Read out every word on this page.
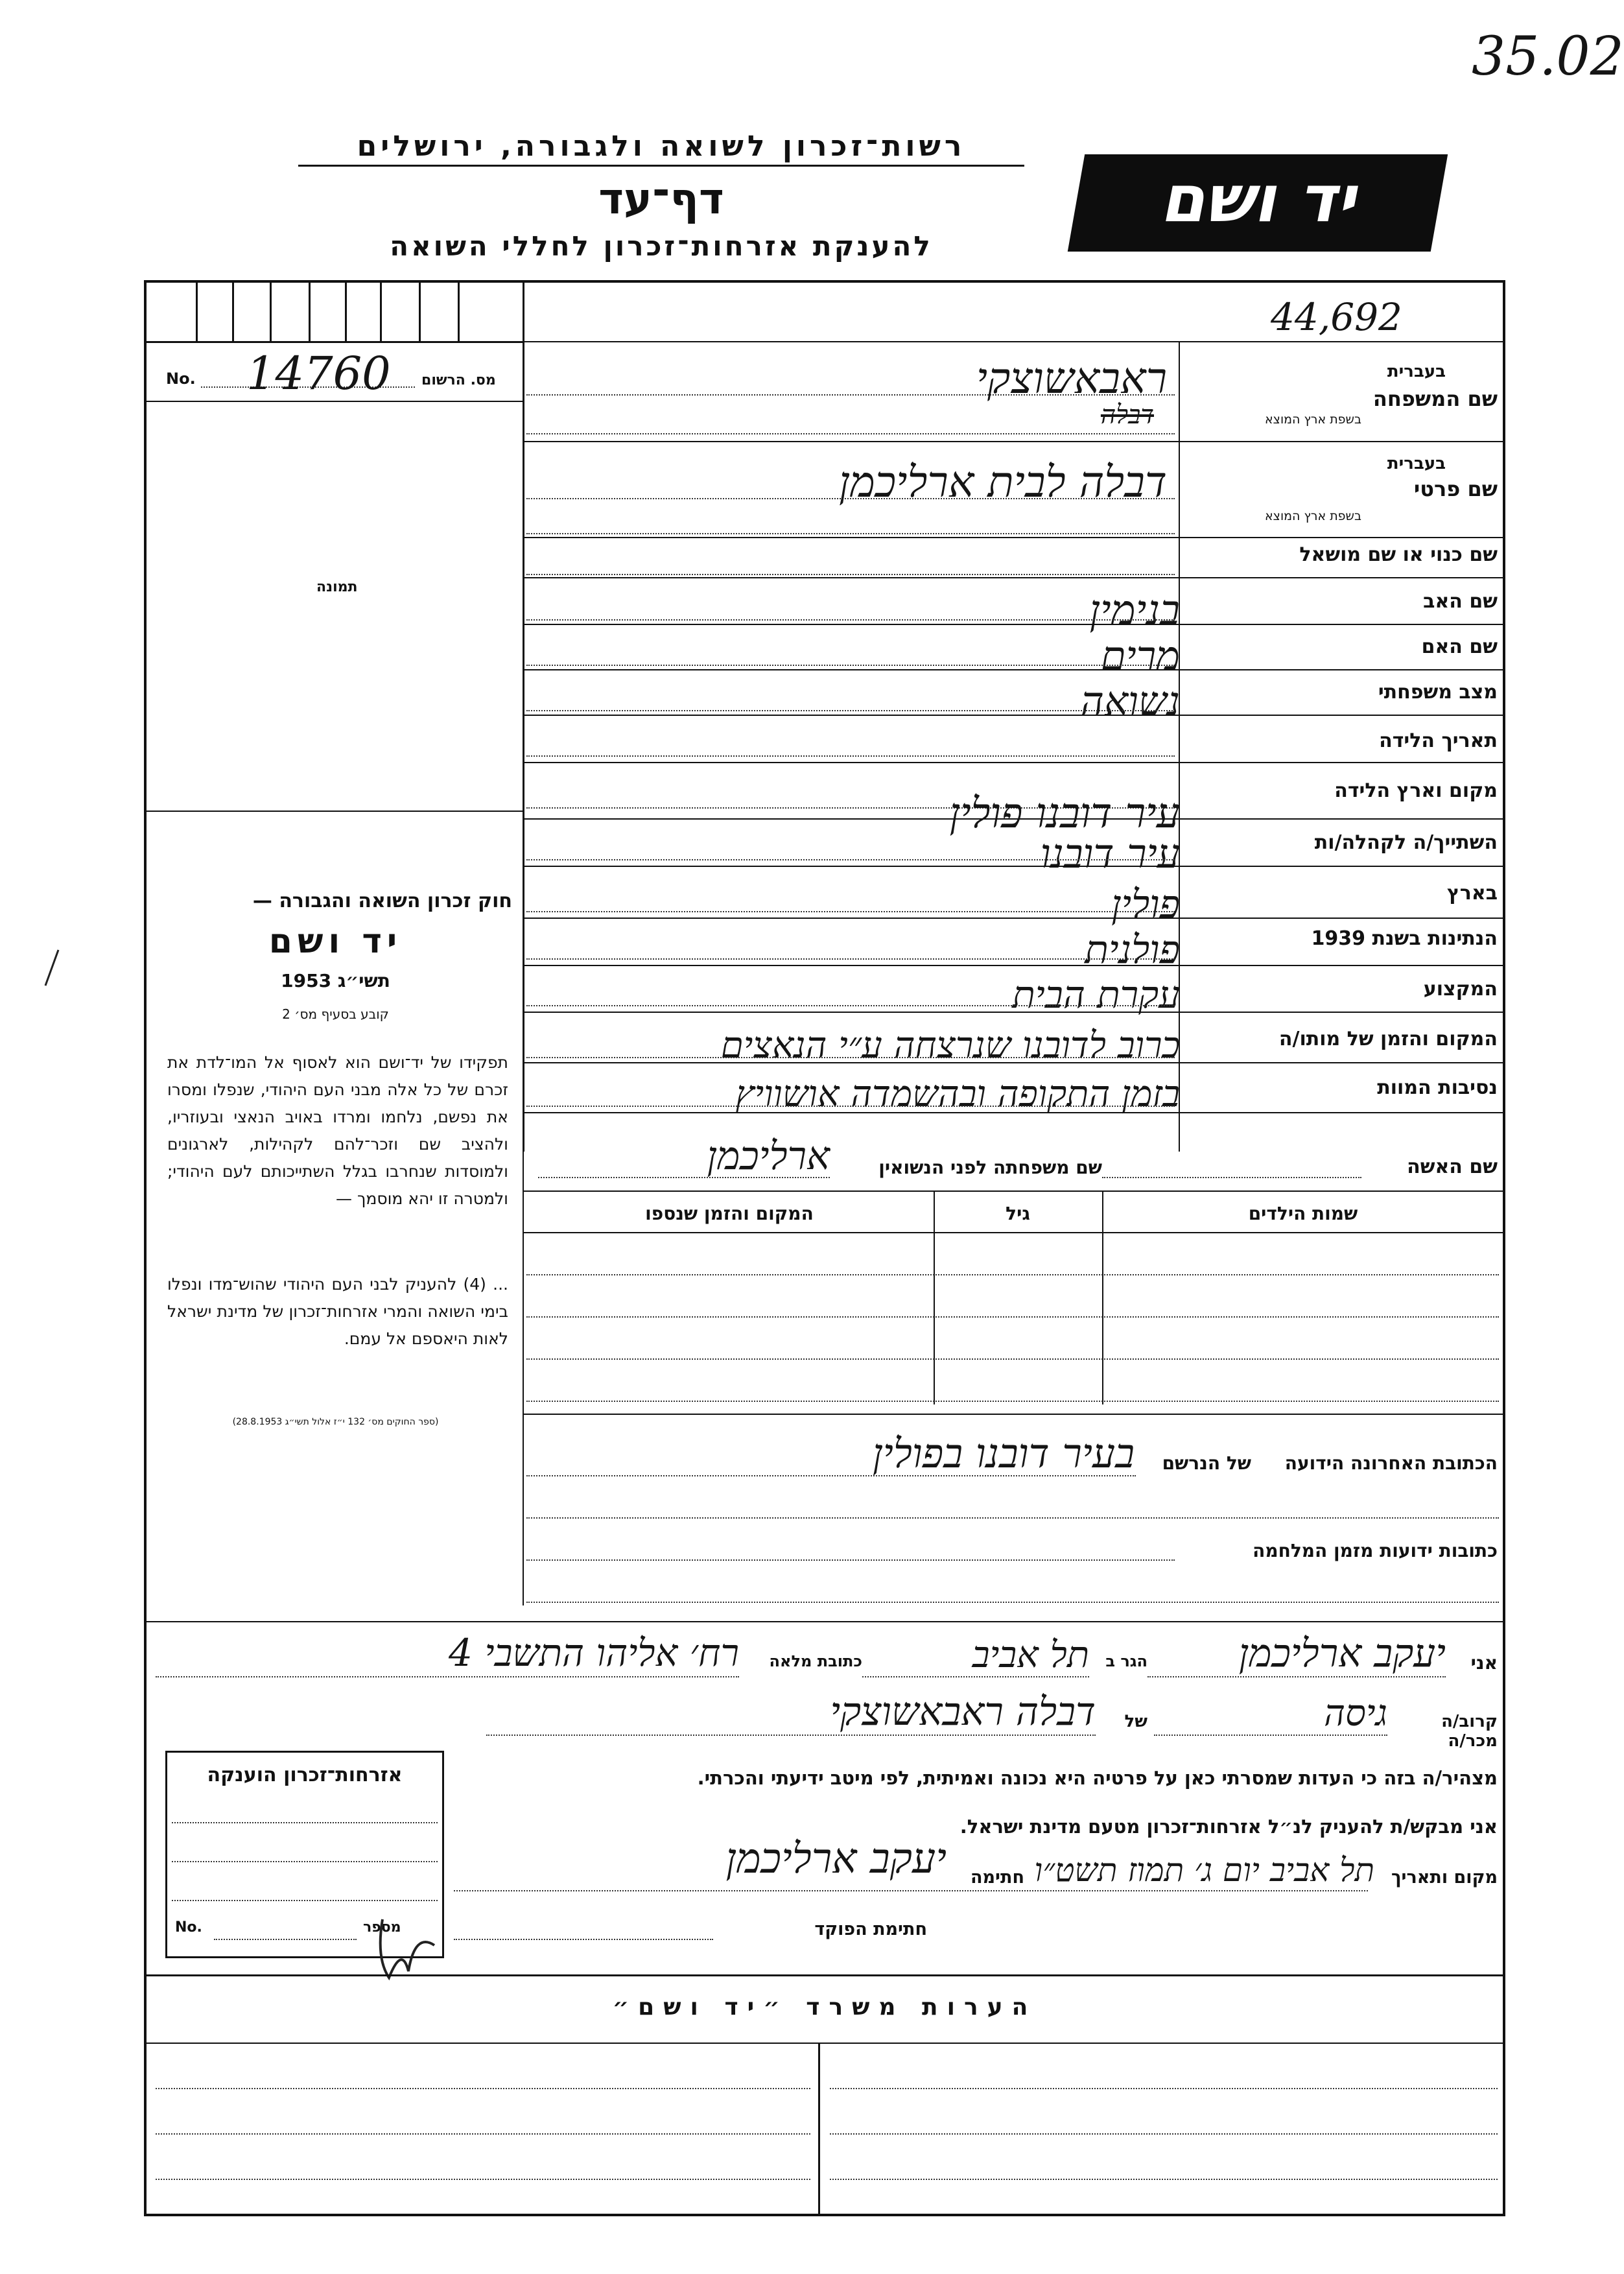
35.02
רשות־זכרון לשואה ולגבורה, ירושלים
דף־עד
להענקת אזרחות־זכרון לחללי השואה
יד ושם
44,692
No. 14760 מס. הרשום
תמונה
חוק זכרון השואה והגבורה —
יד ושם
תשי״ג 1953
קובע בסעיף מס׳ 2
תפקידו של יד־ושם הוא לאסוף אל המו־לדת את זכרם של כל אלה מבני העם היהודי, שנפלו ומסרו את נפשם, נלחמו ומרדו באויב הנאצי ובעוזריו, ולהציב שם וזכר־להם לקהילות, לארגונים ולמוסדות שנחרבו בגלל השתייכותם לעם היהודי; ולמטרה זו יהא מוסמך —
... (4) להעניק לבני העם היהודי שהוש־מדו ונפלו בימי השואה והמרי אזרחות־זכרון של מדינת ישראל לאות היאספם אל עמם.
(ספר החוקים מס׳ 132 י״ז אלול תשי״ג 28.8.1953)
בעברית
שם המשפחה
בשפת ארץ המוצא
ראבאשוצקי
דבלה
בעברית
שם פרטי
בשפת ארץ המוצא
דבלה לבית ארליכמן
שם כנוי או שם מושאל
שם האב
בנימין
שם האם
מרים
מצב משפחתי
נשואה
תאריך הלידה
מקום וארץ הלידה
עיר דובנו פולין
השתייך/ה לקהלה/ות
עיר דובנו
בארץ
פולין
הנתינות בשנת 1939
פולנית
המקצוע
עקרת הבית
המקום והזמן של מותו/ה
כרוב לדובנו שנרצחה ע״י הנאצים
נסיבות המוות
בזמן התקופה ובהשמדה אושוויץ
שם האשה
שם משפחתה לפני הנשואין
ארליכמן
שמות הילדים
גיל
המקום והזמן שנספו
הכתובת האחרונה הידועה
של הנרשם
בעיר דובנו בפולין
כתובות ידועות מזמן המלחמה
אני
יעקב ארליכמן
הגר ב
תל אביב
כתובת מלאה
רח׳ אליהו התשבי 4
קרוב/ה מכר/ה
גיסה
של
דבלה ראבאשוצקי
מצהיר/ה בזה כי העדות שמסרתי כאן על פרטיה היא נכונה ואמיתית, לפי מיטב ידיעתי והכרתי.
אני מבקש/ת להעניק לנ״ל אזרחות־זכרון מטעם מדינת ישראל.
מקום ותאריך
תל אביב יום ג׳ תמוז תשט״ו
חתימה
יעקב ארליכמן
חתימת הפוקד
אזרחות־זכרון הוענקה
No.	מספר
הערות משרד ״יד ושם״
